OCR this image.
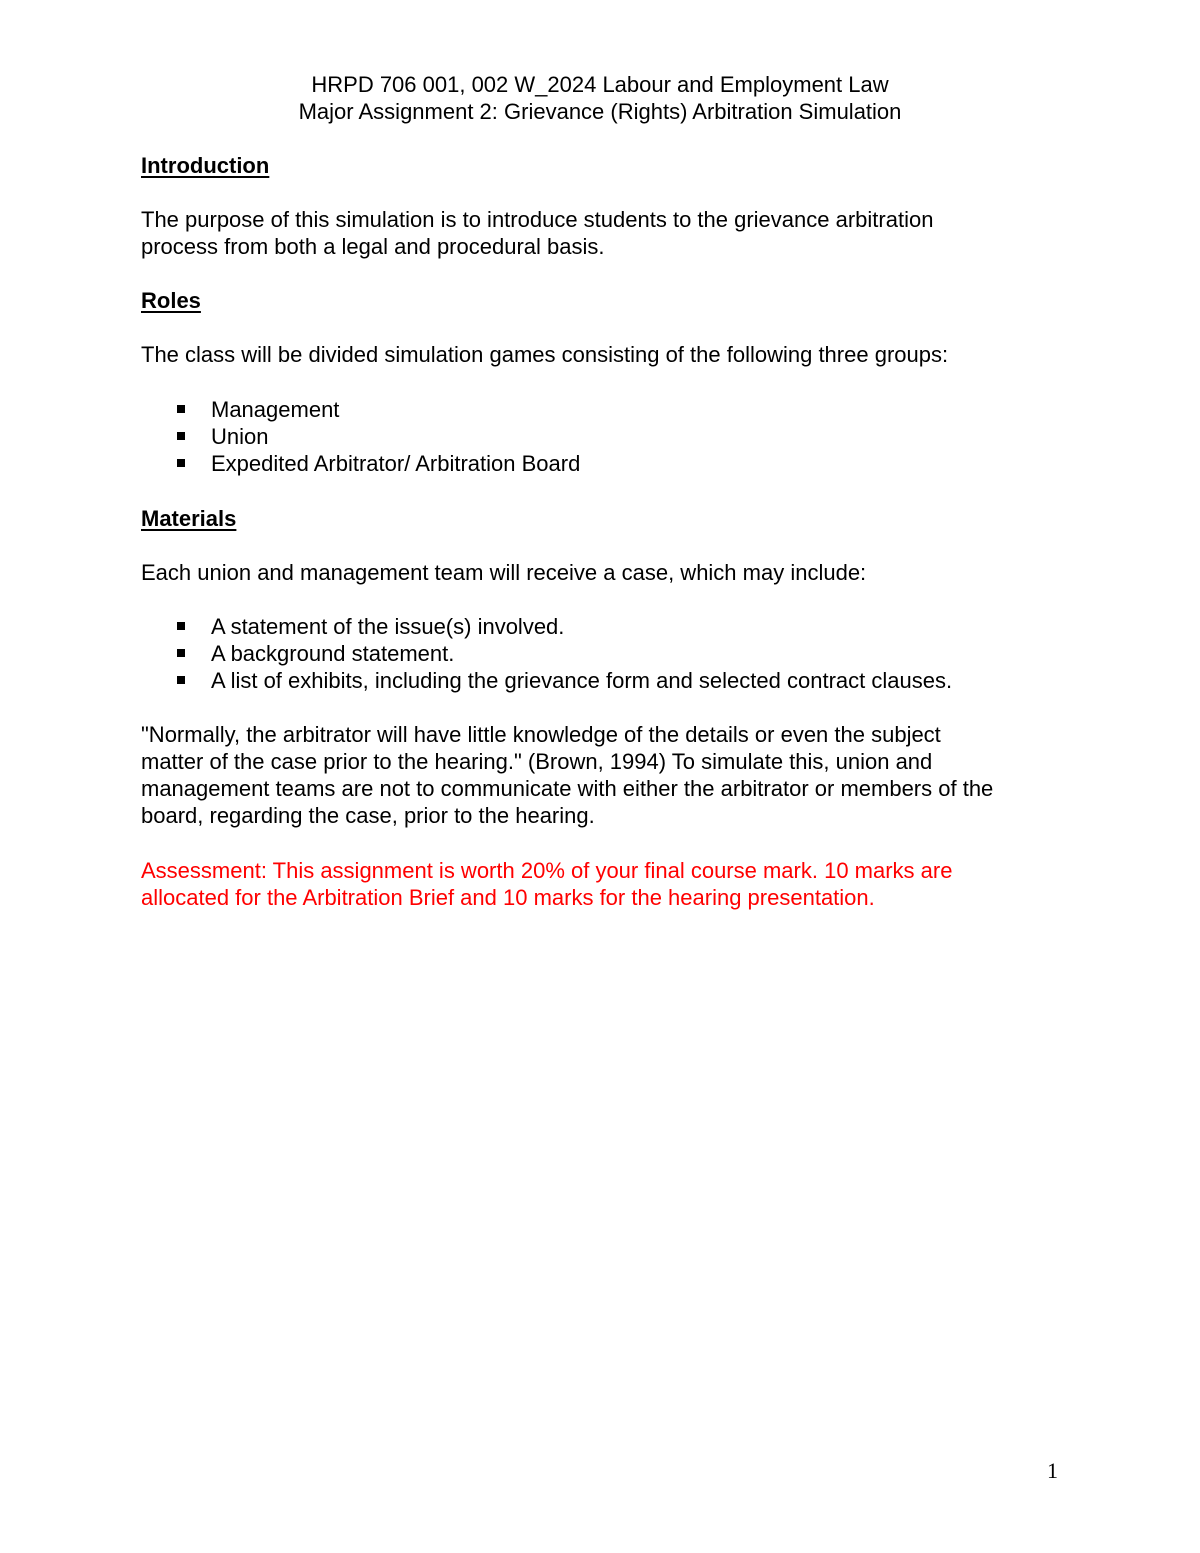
HRPD 706 001, 002 W_2024 Labour and Employment Law
Major Assignment 2: Grievance (Rights) Arbitration Simulation
Introduction

The purpose of this simulation is to introduce students to the grievance arbitration
process from both a legal and procedural basis.

Roles

The class will be divided simulation games consisting of the following three groups:

Management
Union
Expedited Arbitrator/ Arbitration Board
Materials

Each union and management team will receive a case, which may include:

A statement of the issue(s) involved.
A background statement.
A list of exhibits, including the grievance form and selected contract clauses.

"Normally, the arbitrator will have little knowledge of the details or even the subject
matter of the case prior to the hearing." (Brown, 1994) To simulate this, union and
management teams are not to communicate with either the arbitrator or members of the
board, regarding the case, prior to the hearing.

Assessment: This assignment is worth 20% of your final course mark. 10 marks are
allocated for the Arbitration Brief and 10 marks for the hearing presentation.

1
